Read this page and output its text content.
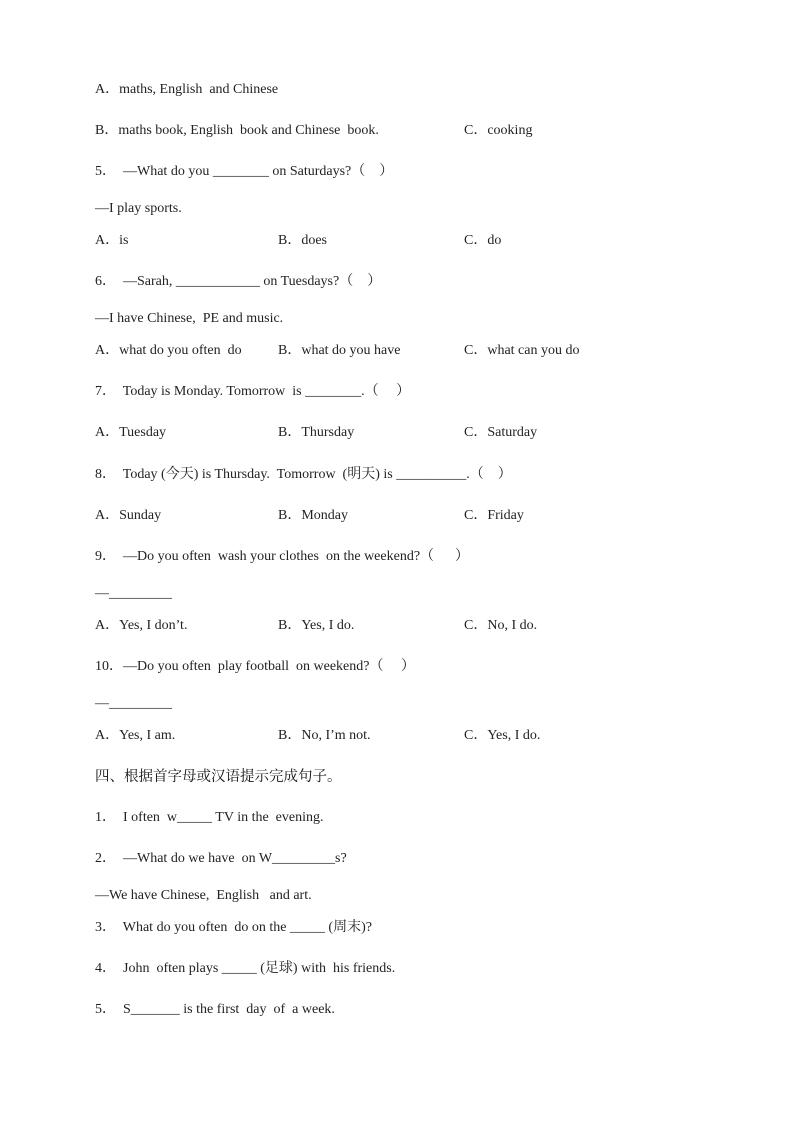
A．maths, English  and Chinese
B．maths book, English  book and Chinese  book.	C．cooking
5．  —What do you ________ on Saturdays?（    ）
—I play sports.
A．is	B．does	C．do
6．  —Sarah, ____________ on Tuesdays?（    ）
—I have Chinese,  PE and music.
A．what do you often  do	B．what do you have	C．what can you do
7．  Today is Monday. Tomorrow  is ________.（     ）
A．Tuesday	B．Thursday	C．Saturday
8．  Today (今天) is Thursday.  Tomorrow  (明天) is __________.（    ）
A．Sunday	B．Monday	C．Friday
9．  —Do you often  wash your clothes  on the weekend?（      ）
—_________
A．Yes, I don’t.	B．Yes, I do.	C．No, I do.
10．—Do you often  play football  on weekend?（     ）
—_________
A．Yes, I am.	B．No, I’m not.	C．Yes, I do.
四、根据首字母或汉语提示完成句子。
1．  I often  w_____ TV in the  evening.
2．  —What do we have  on W_________s?
—We have Chinese,  English   and art.
3．  What do you often  do on the _____ (周末)?
4．  John  often plays _____ (足球) with  his friends.
5．  S_______ is the first  day  of  a week.
